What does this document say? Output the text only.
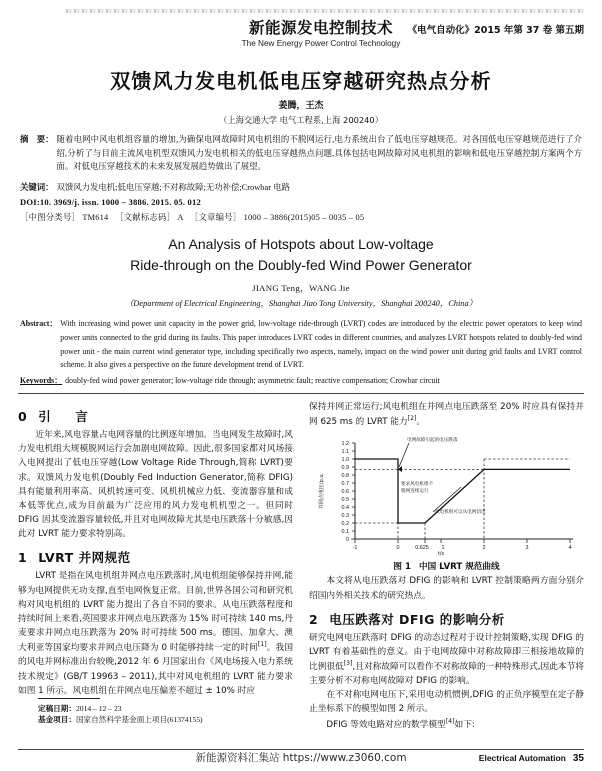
新能源发电控制技术 《电气自动化》2015 年第 37 卷 第五期
The New Energy Power Control Technology
双馈风力发电机低电压穿越研究热点分析
姜腾，王杰
（上海交通大学 电气工程系,上海 200240）
摘　要： 随着电网中风电机组容量的增加,为确保电网故障时风电机组的不脱网运行,电力系统出台了低电压穿越规范。对各国低电压穿越规范进行了介绍,分析了与目前主流风电机型双馈风力发电机相关的低电压穿越热点问题,具体包括电网故障对风电机组的影响和低电压穿越控制方案两个方面。对低电压穿越技术的未来发展发展趋势做出了展望。
关键词： 双馈风力发电机;低电压穿越;不对称故障;无功补偿;Crowbar 电路
DOI:10. 3969/j. issn. 1000 – 3886. 2015. 05. 012
［中图分类号］ TM614 　［文献标志码］ A 　［文章编号］ 1000 – 3886(2015)05 – 0035 – 05
An Analysis of Hotspots about Low-voltage
Ride-through on the Doubly-fed Wind Power Generator
JIANG Teng，WANG Jie
（Department of Electrical Engineering，Shanghai Jiao Tong University，Shanghai 200240，China）
Abstract： With increasing wind power unit capacity in the power grid, low-voltage ride-through (LVRT) codes are introduced by the electric power operators to keep wind power units connected to the grid during its faults. This paper introduces LVRT codes in different countries, and analyzes LVRT hotspots related to doubly-fed wind power unit - the main current wind generator type, including specifically two aspects, namely, impact on the wind power unit during grid faults and LVRT control scheme. It also gives a perspective on the future development trend of LVRT.
Keywords： doubly-fed wind power generator; low-voltage ride through; asymmetric fault; reactive compensation; Crowbar circuit
0 引　言

近年来,风电容量占电网容量的比例逐年增加。当电网发生故障时,风力发电机组大规模脱网运行会加剧电网故障。因此,很多国家都对风场接入电网提出了低电压穿越(Low Voltage Ride Through,简称 LVRT)要求。双馈风力发电机(Doubly Fed Induction Generator,简称 DFIG)具有能量利用率高、风机转速可变、风机机械应力低、变流器容量和成本低等优点,成为目前最为广泛应用的风力发电机机型之一。但同时 DFIG 因其变流器容量较低,并且对电网故障尤其是电压跌落十分敏感,因此对 LVRT 能力要求特别高。

1 LVRT 并网规范

LVRT 是指在风电机组并网点电压跌落时,风电机组能够保持并网,能够为电网提供无功支撑,直至电网恢复正常。目前,世界各国公司和研究机构对风电机组的 LVRT 能力提出了各自不同的要求。从电压跌落程度和持续时间上来看,英国要求并网点电压跌落为 15% 时可持续 140 ms,丹麦要求并网点电压跌落为 20% 时可持续 500 ms。德国、加拿大、澳大利亚等国家均要求并网点电压降为 0 时能够持续一定的时间[1]。我国的风电并网标准出台较晚,2012 年 6 月国家出台《风电场接入电力系统技术规定》(GB/T 19963 – 2011),其中对风电机组的 LVRT 能力要求如图 1 所示。风电机组在并网点电压偏差不超过 ± 10% 时应

定稿日期：2014 – 12 – 23
基金项目：国家自然科学基金面上项目(61374155)

保持并网正常运行;风电机组在并网点电压跌落至 20% 时应具有保持并网 625 ms 的 LVRT 能力[2]。

0
0.1
0.2
0.3
0.4
0.5
0.6
0.7
0.8
0.9
1.0
1.1
1.2
-1	0	0.625 1	2	3	4
t/s
并网点电压/p.u.
电网故障引起的电压跌落
要求风电机组不
脱网连续运行
风电机组可以从电网切出
图 1 中国 LVRT 规范曲线

本文将从电压跌落对 DFIG 的影响和 LVRT 控制策略两方面分别介绍国内外相关技术的研究热点。

2 电压跌落对 DFIG 的影响分析

研究电网电压跌落时 DFIG 的动态过程对于设计控制策略,实现 DFIG 的 LVRT 有着基础性的意义。由于电网故障中对称故障即三相接地故障的比例很低[3],且对称故障可以看作不对称故障的一种特殊形式,因此本节将主要分析不对称电网故障对 DFIG 的影响。

在不对称电网电压下,采用电动机惯例,DFIG 的正负序模型在定子静止坐标系下的模型如图 2 所示。

DFIG 等效电路对应的数学模型[4]如下:

新能源资料汇集站 https://www.z3060.com	Electrical Automation 35
